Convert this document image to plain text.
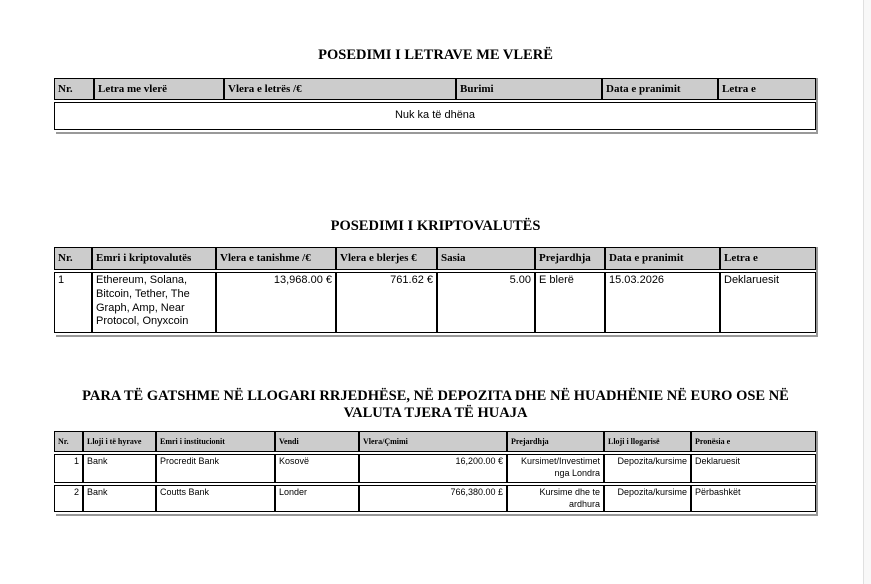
POSEDIMI I LETRAVE ME VLERË
Nr.	Letra me vlerë	Vlera e letrës /€	Burimi	Data e pranimit	Letra e
Nuk ka të dhëna
POSEDIMI I KRIPTOVALUTËS
Nr.	Emri i kriptovalutës	Vlera e tanishme /€	Vlera e blerjes €	Sasia	Prejardhja	Data e pranimit	Letra e
1	Ethereum, Solana, Bitcoin, Tether, The Graph, Amp, Near Protocol, Onyxcoin	13,968.00 €	761.62 €	5.00	E blerë	15.03.2026	Deklaruesit
PARA TË GATSHME NË LLOGARI RRJEDHËSE, NË DEPOZITA DHE NË HUADHËNIE NË EURO OSE NË VALUTA TJERA TË HUAJA
Nr.	Lloji i të hyrave	Emri i institucionit	Vendi	Vlera/Çmimi	Prejardhja	Lloji i llogarisë	Pronësia e
1	Bank	Procredit Bank	Kosovë	16,200.00 €	Kursimet/Investimet nga Londra	Depozita/kursime	Deklaruesit
2	Bank	Coutts Bank	Londer	766,380.00 £	Kursime dhe te ardhura	Depozita/kursime	Përbashkët
